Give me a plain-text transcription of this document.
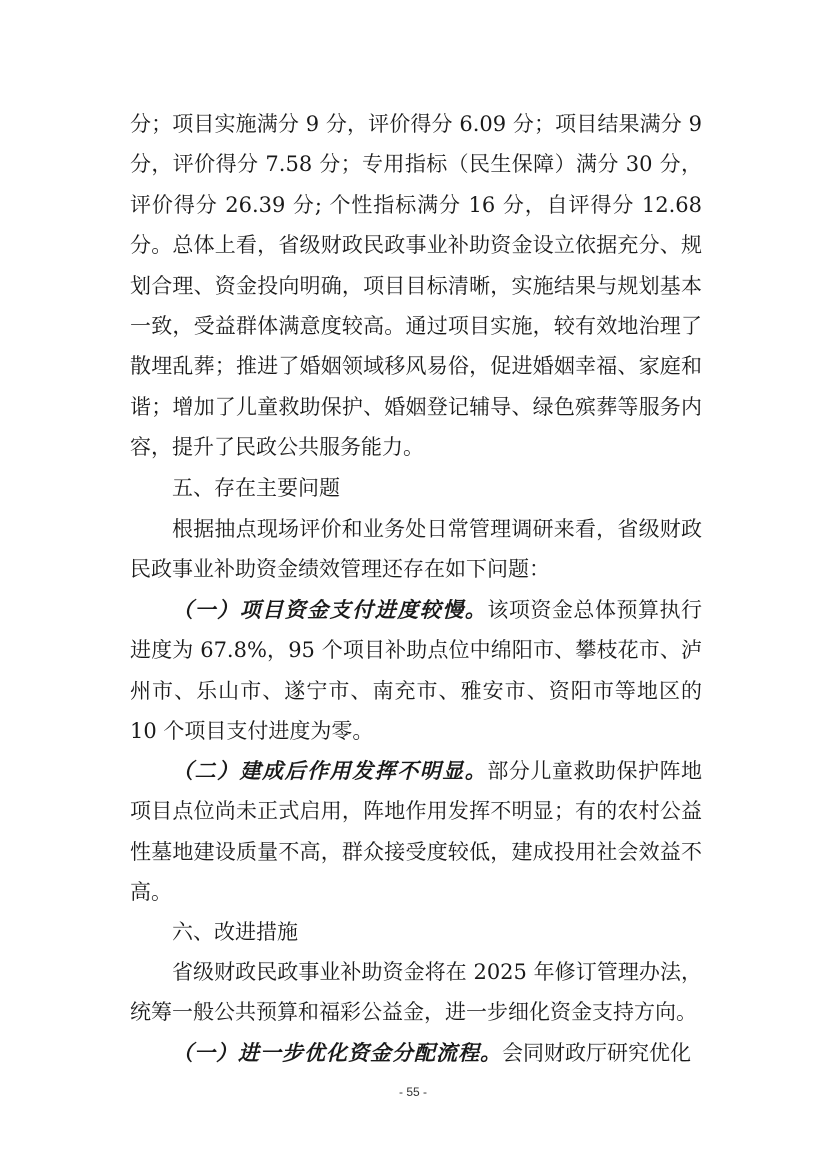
分；项目实施满分 9 分，评价得分 6.09 分；项目结果满分 9 分，评价得分 7.58 分；专用指标（民生保障）满分 30 分，评价得分 26.39 分; 个性指标满分 16 分，自评得分 12.68 分。总体上看，省级财政民政事业补助资金设立依据充分、规划合理、资金投向明确，项目目标清晰，实施结果与规划基本一致，受益群体满意度较高。通过项目实施，较有效地治理了散埋乱葬；推进了婚姻领域移风易俗，促进婚姻幸福、家庭和谐；增加了儿童救助保护、婚姻登记辅导、绿色殡葬等服务内容，提升了民政公共服务能力。

五、存在主要问题

根据抽点现场评价和业务处日常管理调研来看，省级财政民政事业补助资金绩效管理还存在如下问题：

（一）项目资金支付进度较慢。该项资金总体预算执行进度为 67.8%，95 个项目补助点位中绵阳市、攀枝花市、泸州市、乐山市、遂宁市、南充市、雅安市、资阳市等地区的 10 个项目支付进度为零。

（二）建成后作用发挥不明显。部分儿童救助保护阵地项目点位尚未正式启用，阵地作用发挥不明显；有的农村公益性墓地建设质量不高，群众接受度较低，建成投用社会效益不高。

六、改进措施

省级财政民政事业补助资金将在 2025 年修订管理办法，统筹一般公共预算和福彩公益金，进一步细化资金支持方向。

（一）进一步优化资金分配流程。会同财政厅研究优化

- 55 -
